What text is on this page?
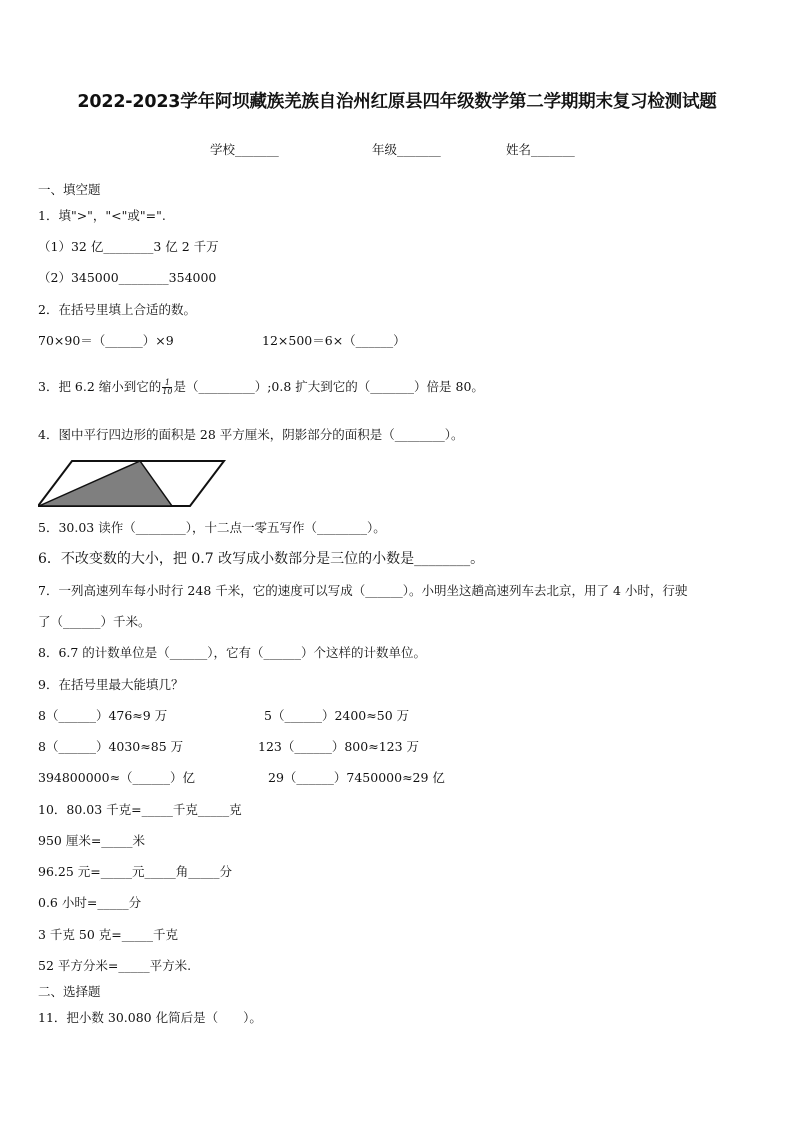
2022-2023学年阿坝藏族羌族自治州红原县四年级数学第二学期期末复习检测试题
学校_______	年级_______	姓名_______
一、填空题
1．填">"，"<"或"=".
（1）32 亿________3 亿 2 千万
（2）345000________354000
2．在括号里填上合适的数。
70×90＝（______）×9	12×500＝6×（______）
3．把 6.2 缩小到它的 $\frac{1}{10}$ 是（_________）;0.8 扩大到它的（_______）倍是 80。
4．图中平行四边形的面积是 28 平方厘米，阴影部分的面积是（________）。
5．30.03 读作（________），十二点一零五写作（________）。
6．不改变数的大小，把 0.7 改写成小数部分是三位的小数是________。
7．一列高速列车每小时行 248 千米，它的速度可以写成（______）。小明坐这趟高速列车去北京，用了 4 小时，行驶
了（______）千米。
8．6.7 的计数单位是（______），它有（______）个这样的计数单位。
9．在括号里最大能填几？
8（______）476≈9 万	5（______）2400≈50 万
8（______）4030≈85 万	123（______）800≈123 万
394800000≈（______）亿	29（______）7450000≈29 亿
10．80.03 千克=_____千克_____克
950 厘米=_____米
96.25 元=_____元_____角_____分
0.6 小时=_____分
3 千克 50 克=_____千克
52 平方分米=_____平方米.
二、选择题
11．把小数 30.080 化简后是（　　）。
